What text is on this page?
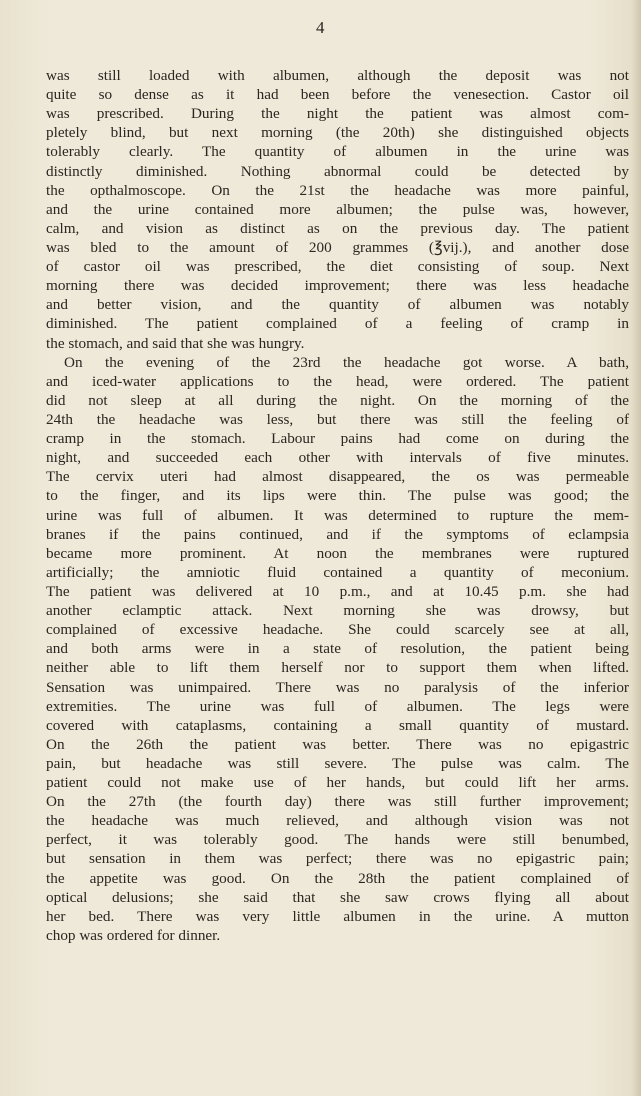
4
was still loaded with albumen, although the deposit was not
quite so dense as it had been before the venesection. Castor oil
was prescribed. During the night the patient was almost com-
pletely blind, but next morning (the 20th) she distinguished objects
tolerably clearly. The quantity of albumen in the urine was
distinctly diminished. Nothing abnormal could be detected by
the opthalmoscope. On the 21st the headache was more painful,
and the urine contained more albumen; the pulse was, however,
calm, and vision as distinct as on the previous day. The patient
was bled to the amount of 200 grammes (℥vij.), and another dose
of castor oil was prescribed, the diet consisting of soup. Next
morning there was decided improvement; there was less headache
and better vision, and the quantity of albumen was notably
diminished. The patient complained of a feeling of cramp in
the stomach, and said that she was hungry.
On the evening of the 23rd the headache got worse. A bath,
and iced-water applications to the head, were ordered. The patient
did not sleep at all during the night. On the morning of the
24th the headache was less, but there was still the feeling of
cramp in the stomach. Labour pains had come on during the
night, and succeeded each other with intervals of five minutes.
The cervix uteri had almost disappeared, the os was permeable
to the finger, and its lips were thin. The pulse was good; the
urine was full of albumen. It was determined to rupture the mem-
branes if the pains continued, and if the symptoms of eclampsia
became more prominent. At noon the membranes were ruptured
artificially; the amniotic fluid contained a quantity of meconium.
The patient was delivered at 10 p.m., and at 10.45 p.m. she had
another eclamptic attack. Next morning she was drowsy, but
complained of excessive headache. She could scarcely see at all,
and both arms were in a state of resolution, the patient being
neither able to lift them herself nor to support them when lifted.
Sensation was unimpaired. There was no paralysis of the inferior
extremities. The urine was full of albumen. The legs were
covered with cataplasms, containing a small quantity of mustard.
On the 26th the patient was better. There was no epigastric
pain, but headache was still severe. The pulse was calm. The
patient could not make use of her hands, but could lift her arms.
On the 27th (the fourth day) there was still further improvement;
the headache was much relieved, and although vision was not
perfect, it was tolerably good. The hands were still benumbed,
but sensation in them was perfect; there was no epigastric pain;
the appetite was good. On the 28th the patient complained of
optical delusions; she said that she saw crows flying all about
her bed. There was very little albumen in the urine. A mutton
chop was ordered for dinner.
